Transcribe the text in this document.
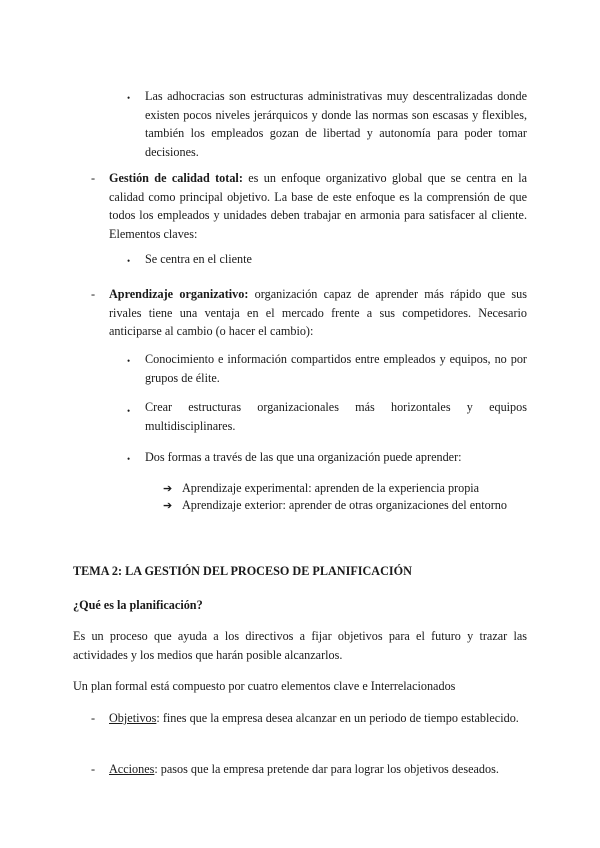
• Las adhocracias son estructuras administrativas muy descentralizadas donde existen pocos niveles jerárquicos y donde las normas son escasas y flexibles, también los empleados gozan de libertad y autonomía para poder tomar decisiones.
- Gestión de calidad total: es un enfoque organizativo global que se centra en la calidad como principal objetivo. La base de este enfoque es la comprensión de que todos los empleados y unidades deben trabajar en armonia para satisfacer al cliente. Elementos claves:
• Se centra en el cliente
- Aprendizaje organizativo: organización capaz de aprender más rápido que sus rivales tiene una ventaja en el mercado frente a sus competidores. Necesario anticiparse al cambio (o hacer el cambio):
• Conocimiento e información compartidos entre empleados y equipos, no por grupos de élite.
• Crear estructuras organizacionales más horizontales y equipos multidisciplinares.
• Dos formas a través de las que una organización puede aprender:
➔ Aprendizaje experimental: aprenden de la experiencia propia
➔ Aprendizaje exterior: aprender de otras organizaciones del entorno
TEMA 2: LA GESTIÓN DEL PROCESO DE PLANIFICACIÓN
¿Qué es la planificación?
Es un proceso que ayuda a los directivos a fijar objetivos para el futuro y trazar las actividades y los medios que harán posible alcanzarlos.
Un plan formal está compuesto por cuatro elementos clave e Interrelacionados
- Objetivos: fines que la empresa desea alcanzar en un periodo de tiempo establecido.
- Acciones: pasos que la empresa pretende dar para lograr los objetivos deseados.
